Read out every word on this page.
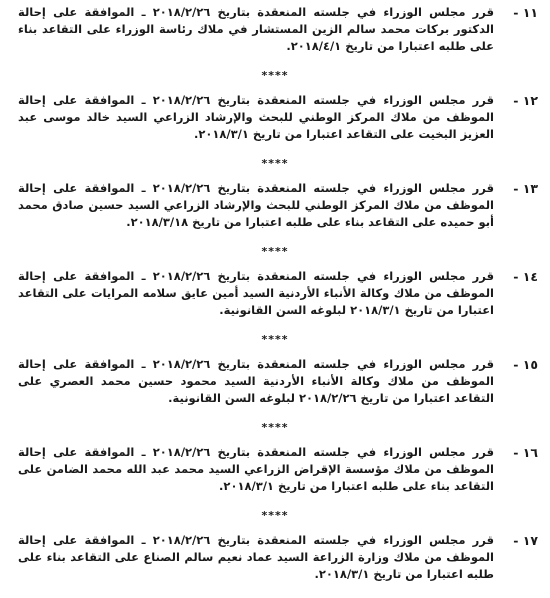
١١ -
قرر مجلس الوزراء في جلسته المنعقدة بتاريخ ٢٠١٨/٢/٢٦ ـ الموافقة على إحالة الدكتور بركات محمد سالم الزين المستشار في ملاك رئاسة الوزراء على التقاعد بناء على طلبه اعتبارا من تاريخ ٢٠١٨/٤/١.
****
١٢ -
قرر مجلس الوزراء في جلسته المنعقدة بتاريخ ٢٠١٨/٢/٢٦ ـ الموافقة على إحالة الموظف من ملاك المركز الوطني للبحث والإرشاد الزراعي السيد خالد موسى عبد العزيز البخيت على التقاعد اعتبارا من تاريخ ٢٠١٨/٣/١.
****
١٣ -
قرر مجلس الوزراء في جلسته المنعقدة بتاريخ ٢٠١٨/٢/٢٦ ـ الموافقة على إحالة الموظف من ملاك المركز الوطني للبحث والإرشاد الزراعي السيد حسين صادق محمد أبو حميده على التقاعد بناء على طلبه اعتبارا من تاريخ ٢٠١٨/٣/١٨.
****
١٤ -
قرر مجلس الوزراء في جلسته المنعقدة بتاريخ ٢٠١٨/٢/٢٦ ـ الموافقة على إحالة الموظف من ملاك وكالة الأنباء الأردنية السيد أمين عايق سلامه المرايات على التقاعد اعتبارا من تاريخ ٢٠١٨/٣/١ لبلوغه السن القانونية.
****
١٥ -
قرر مجلس الوزراء في جلسته المنعقدة بتاريخ ٢٠١٨/٢/٢٦ ـ الموافقة على إحالة الموظف من ملاك وكالة الأنباء الأردنية السيد محمود حسين محمد العصري على التقاعد اعتبارا من تاريخ ٢٠١٨/٢/٢٦ لبلوغه السن القانونية.
****
١٦ -
قرر مجلس الوزراء في جلسته المنعقدة بتاريخ ٢٠١٨/٢/٢٦ ـ الموافقة على إحالة الموظف من ملاك مؤسسة الإقراض الزراعي السيد محمد عبد الله محمد الضامن على التقاعد بناء على طلبه اعتبارا من تاريخ ٢٠١٨/٣/١.
****
١٧ -
قرر مجلس الوزراء في جلسته المنعقدة بتاريخ ٢٠١٨/٢/٢٦ ـ الموافقة على إحالة الموظف من ملاك وزارة الزراعة السيد عماد نعيم سالم الصناع على التقاعد بناء على طلبه اعتبارا من تاريخ ٢٠١٨/٣/١.
